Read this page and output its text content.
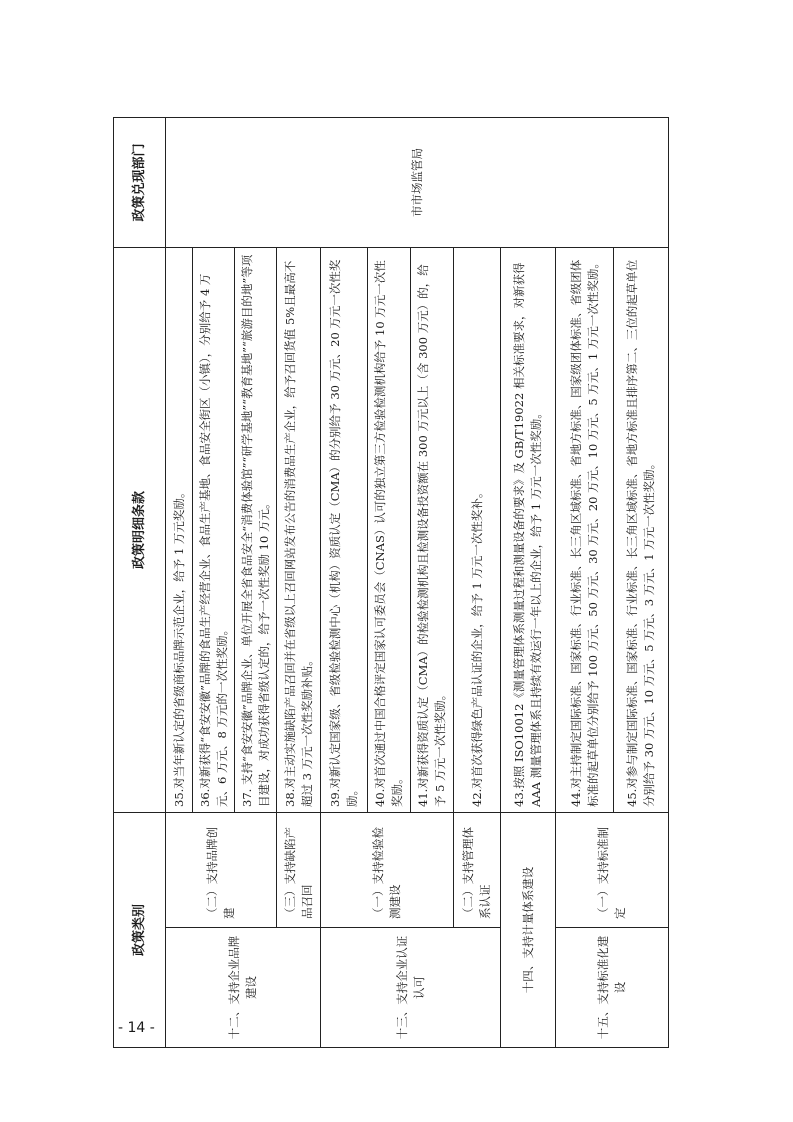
政策类别		政策明细条款	政策兑现部门
十二、支持企业品牌建设	（二）支持品牌创建	35.对当年新认定的省级商标品牌示范企业，给予 1 万元奖励。	市市场监管局
		36.对新获得“食安安徽”品牌的食品生产经营企业、食品生产基地、食品安全街区（小镇），分别给予 4 万元、6 万元、8 万元的一次性奖励。	
		37. 支持“食安安徽”品牌企业、单位开展全省食品安全“消费体验馆”“研学基地”“教育基地”“旅游目的地”等项目建设，对成功获得省级认定的，给予一次性奖励 10 万元。	
	（三）支持缺陷产品召回	38.对主动实施缺陷产品召回并在省级以上召回网站发布公告的消费品生产企业，给予召回货值 5%且最高不超过 3 万元一次性奖励补贴。	
十三、支持企业认证认可	（一）支持检验检测建设	39.对新认定国家级、省级检验检测中心（机构）资质认定（CMA）的分别给予 30 万元、20 万元一次性奖励。	
		40.对首次通过中国合格评定国家认可委员会（CNAS）认可的独立第三方检验检测机构给予 10 万元一次性奖励。	
		41.对新获得资质认定（CMA）的检验检测机构且检测设备投资额在 300 万元以上（含 300 万元）的，给予 5 万元一次性奖励。	
	（二）支持管理体系认证	42.对首次获得绿色产品认证的企业，给予 1 万元一次性奖补。	
十四、支持计量体系建设		43.按照 ISO10012《测量管理体系测量过程和测量设备的要求》及 GB/T19022 相关标准要求，对新获得 AAA 测量管理体系且持续有效运行一年以上的企业，给予 1 万元一次性奖励。	
十五、支持标准化建设	（一）支持标准制定	44.对主持制定国际标准、国家标准、行业标准、长三角区域标准、省地方标准、国家级团体标准、省级团体标准的起草单位分别给予 100 万元、50 万元、30 万元、20 万元、10 万元、5 万元、1 万元一次性奖励。	
		45.对参与制定国际标准、国家标准、行业标准、长三角区域标准、省地方标准且排序第二、三位的起草单位分别给予 30 万元、10 万元、5 万元、3 万元、1 万元一次性奖励。	
- 14 -
